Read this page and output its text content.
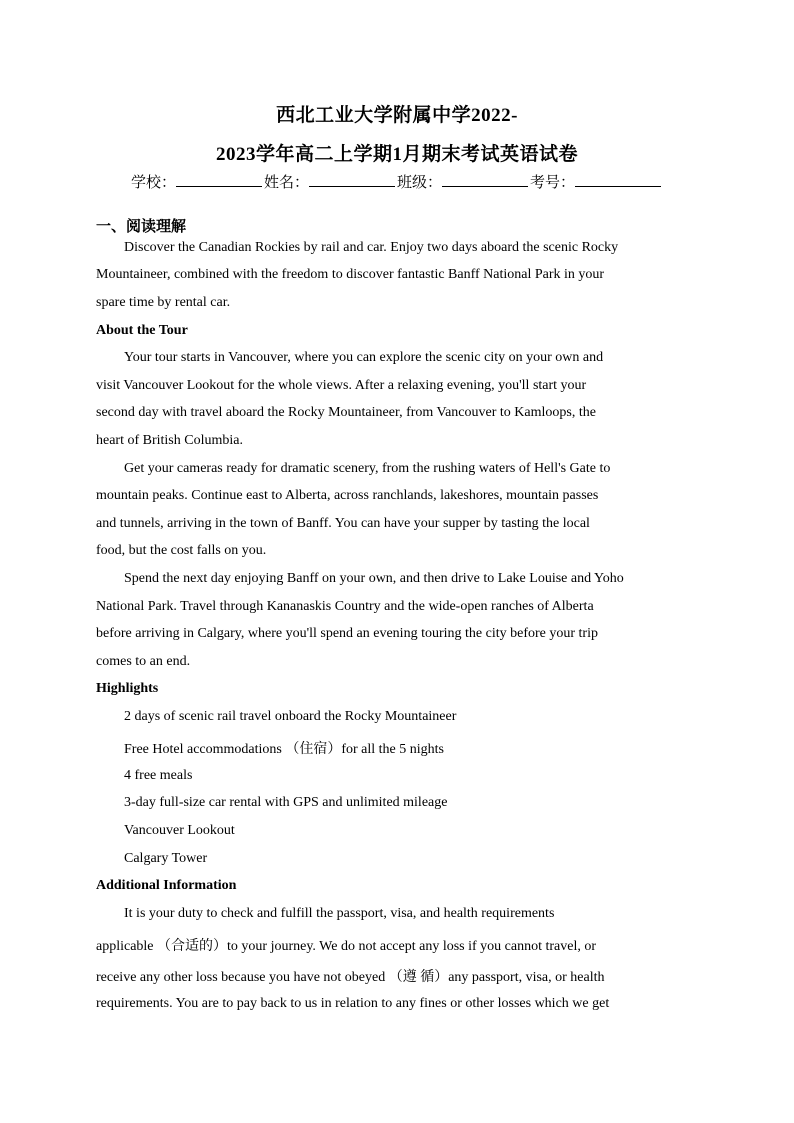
西北工业大学附属中学2022-
2023学年高二上学期1月期末考试英语试卷
学校：	姓名：	班级：	考号：
一、阅读理解
Discover the Canadian Rockies by rail and car. Enjoy two days aboard the scenic Rocky
Mountaineer, combined with the freedom to discover fantastic Banff National Park in your
spare time by rental car.
About the Tour
Your tour starts in Vancouver, where you can explore the scenic city on your own and
visit Vancouver Lookout for the whole views. After a relaxing evening, you'll start your
second day with travel aboard the Rocky Mountaineer, from Vancouver to Kamloops, the
heart of British Columbia.
Get your cameras ready for dramatic scenery, from the rushing waters of Hell's Gate to
mountain peaks. Continue east to Alberta, across ranchlands, lakeshores, mountain passes
and tunnels, arriving in the town of Banff. You can have your supper by tasting the local
food, but the cost falls on you.
Spend the next day enjoying Banff on your own, and then drive to Lake Louise and Yoho
National Park. Travel through Kananaskis Country and the wide-open ranches of Alberta
before arriving in Calgary, where you'll spend an evening touring the city before your trip
comes to an end.
Highlights
2 days of scenic rail travel onboard the Rocky Mountaineer
Free Hotel accommodations （住宿）for all the 5 nights
4 free meals
3-day full-size car rental with GPS and unlimited mileage
Vancouver Lookout
Calgary Tower
Additional Information
It is your duty to check and fulfill the passport, visa, and health requirements
applicable （合适的）to your journey. We do not accept any loss if you cannot travel, or
receive any other loss because you have not obeyed （遵 循）any passport, visa, or health
requirements. You are to pay back to us in relation to any fines or other losses which we get
